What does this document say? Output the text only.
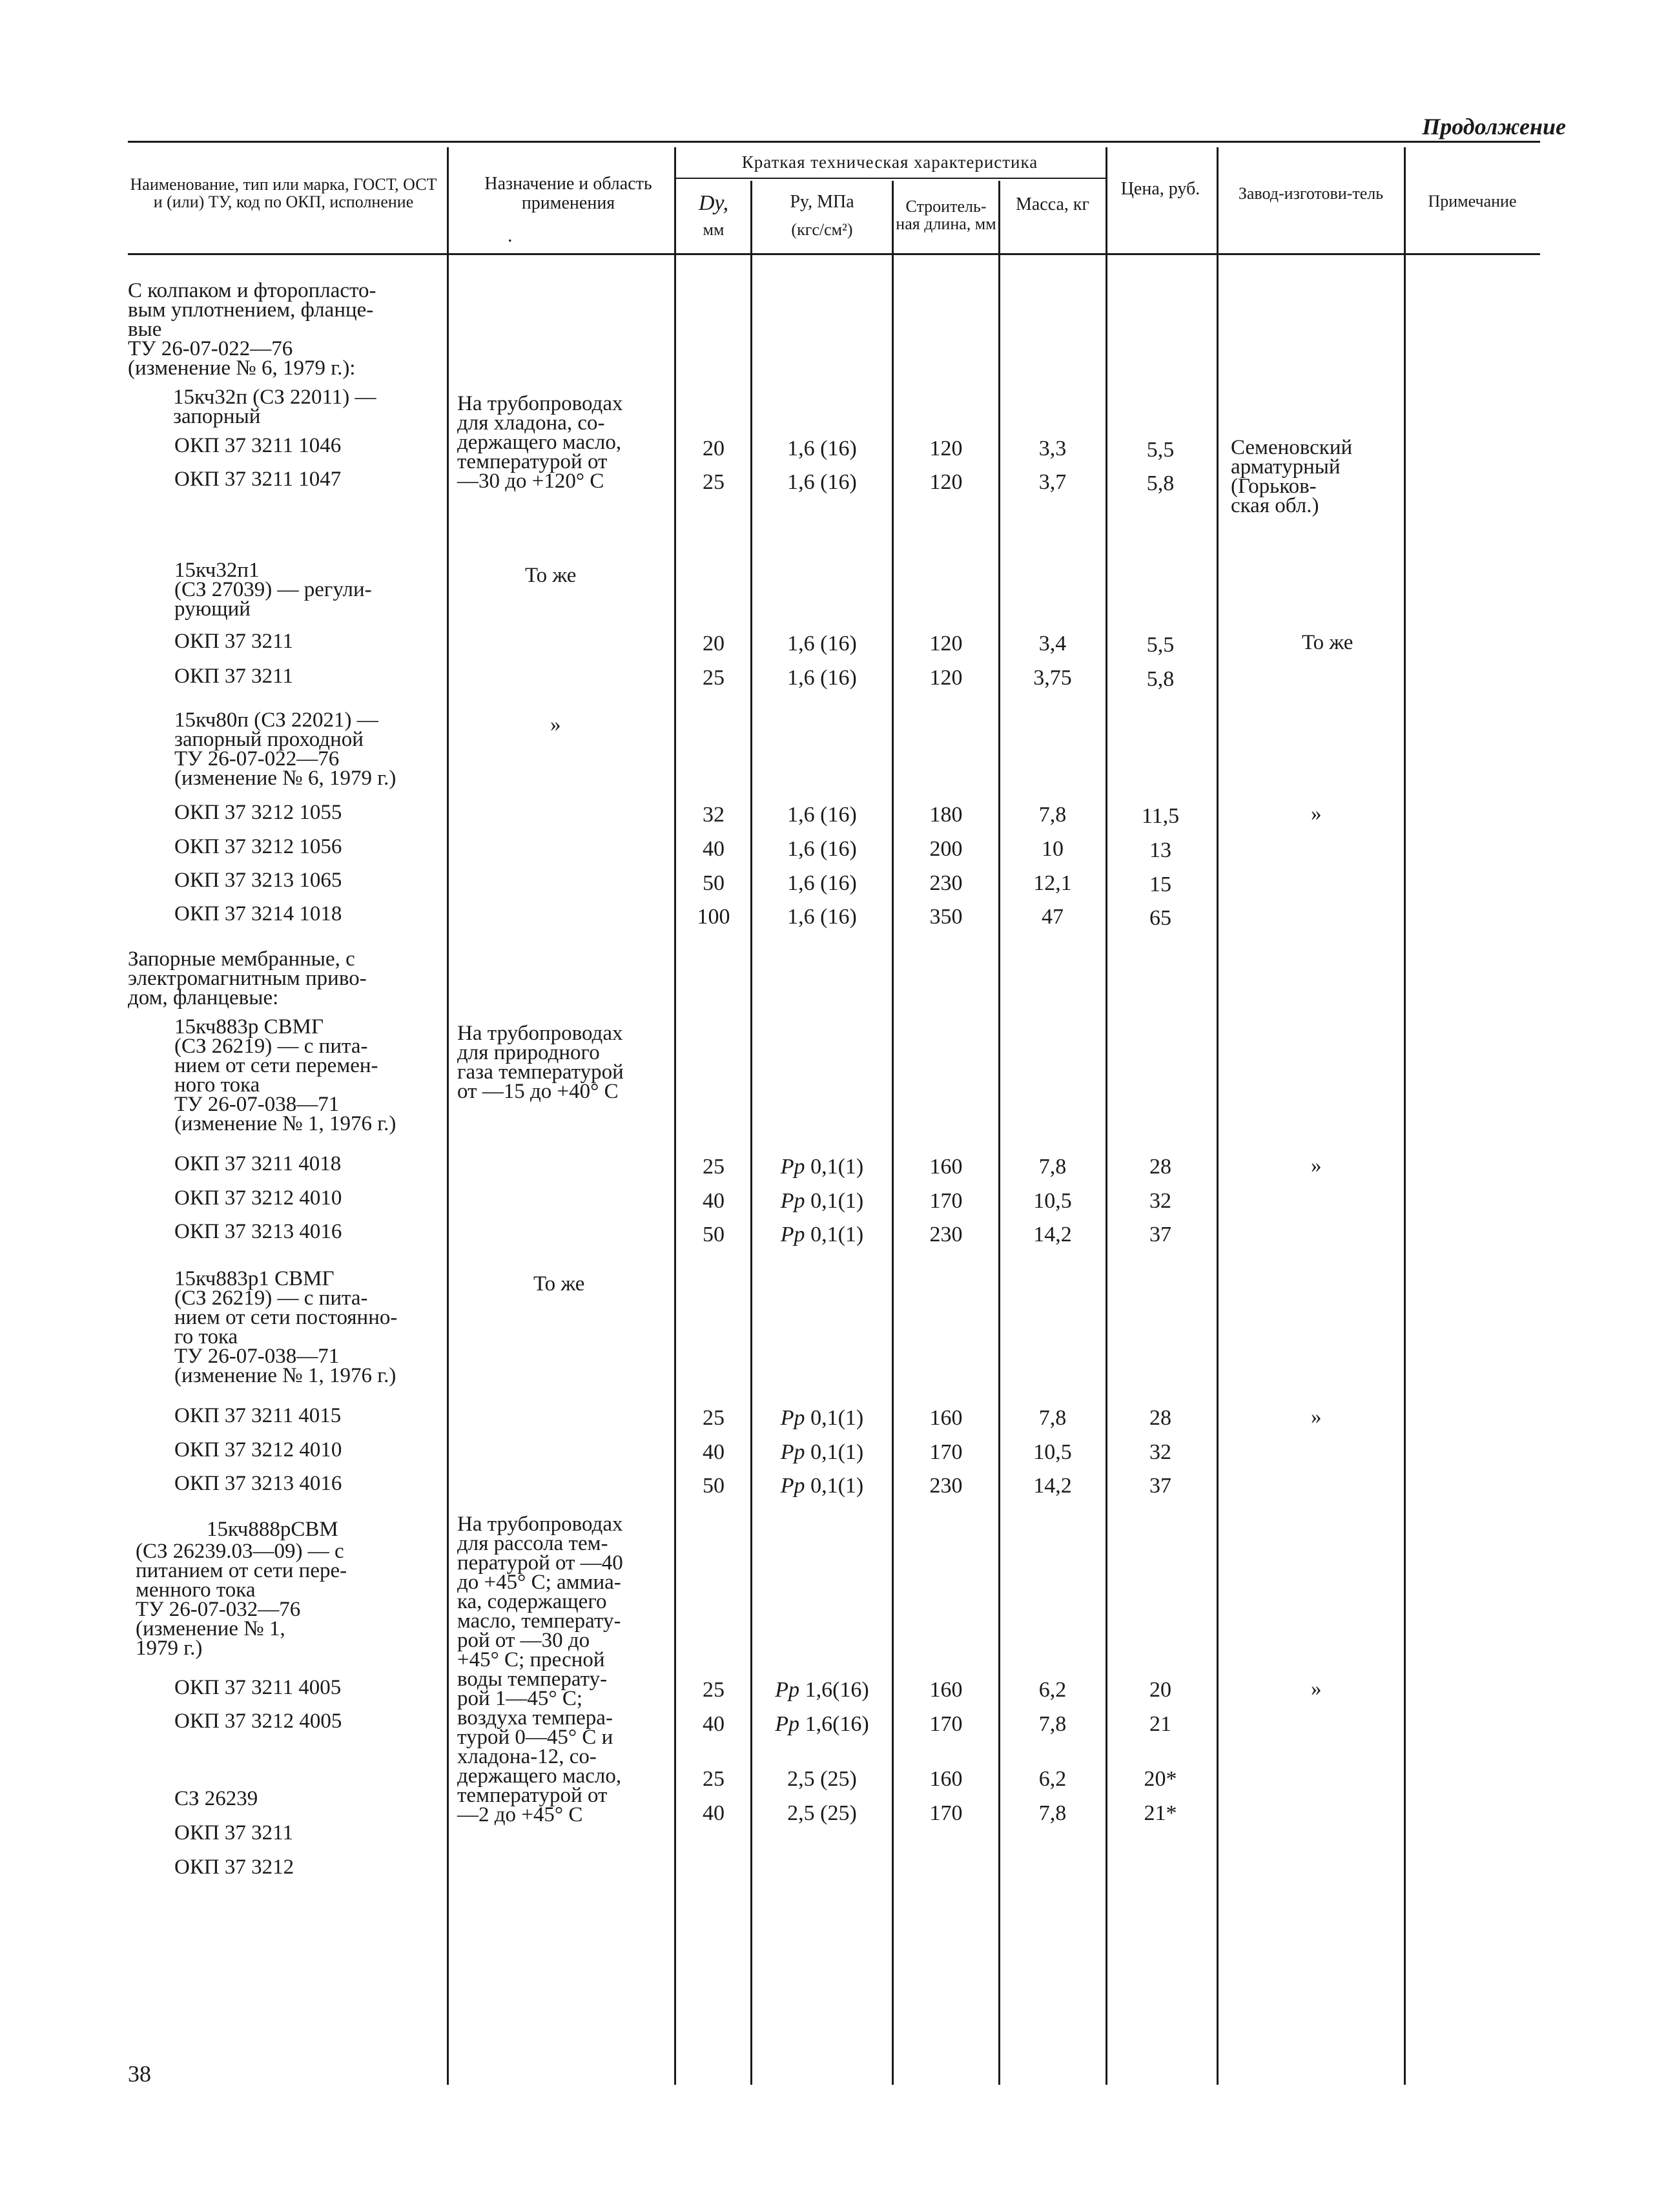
Продолжение
38
Наименование, тип или марка, ГОСТ, ОСТ и (или) ТУ, код по ОКП, исполнение
Назначение и область применения
.
Краткая техническая характеристика
Dy,
мм
Py, МПа
(кгс/см²)
Строитель-ная длина, мм
Масса, кг
Цена, руб.	Завод-изготови-тель	Примечание
С колпаком и фторопласто-
вым уплотнением, фланце-
вые
ТУ 26-07-022—76
(изменение № 6, 1979 г.):
15кч32п (СЗ 22011) —
запорный
ОКП 37 3211 1046
ОКП 37 3211 1047
15кч32п1
(СЗ 27039) — регули-
рующий
ОКП 37 3211
ОКП 37 3211
15кч80п (СЗ 22021) —
запорный проходной
ТУ 26-07-022—76
(изменение № 6, 1979 г.)
ОКП 37 3212 1055
ОКП 37 3212 1056
ОКП 37 3213 1065
ОКП 37 3214 1018
Запорные мембранные, с
электромагнитным приво-
дом, фланцевые:
15кч883р СВМГ
(СЗ 26219) — с пита-
нием от сети перемен-
ного тока
ТУ 26-07-038—71
(изменение № 1, 1976 г.)
ОКП 37 3211 4018
ОКП 37 3212 4010
ОКП 37 3213 4016
15кч883р1 СВМГ
(СЗ 26219) — с пита-
нием от сети постоянно-
го тока
ТУ 26-07-038—71
(изменение № 1, 1976 г.)
ОКП 37 3211 4015
ОКП 37 3212 4010
ОКП 37 3213 4016
15кч888рСВМ
(СЗ 26239.03—09) — с
питанием от сети пере-
менного тока
ТУ 26-07-032—76
(изменение № 1,
1979 г.)
ОКП 37 3211 4005
ОКП 37 3212 4005
СЗ 26239
ОКП 37 3211
ОКП 37 3212
На трубопроводах
для хладона, со-
держащего масло,
температурой от
—30 до +120° С
То же
»
На трубопроводах
для природного
газа температурой
от —15 до +40° С
То же
На трубопроводах
для рассола тем-
пературой от —40
до +45° С; аммиа-
ка, содержащего
масло, температу-
рой от —30 до
+45° С; пресной
воды температу-
рой 1—45° С;
воздуха темпера-
турой 0—45° С и
хладона-12, со-
держащего масло,
температурой от
—2 до +45° С
20
25
20
25
32
40
50
100
25
40
50
25
40
50
25
40
25
40
1,6 (16)
1,6 (16)
1,6 (16)
1,6 (16)
1,6 (16)
1,6 (16)
1,6 (16)
1,6 (16)
Pp 0,1(1)
Pp 0,1(1)
Pp 0,1(1)
Pp 0,1(1)
Pp 0,1(1)
Pp 0,1(1)
Pp 1,6(16)
Pp 1,6(16)
2,5 (25)
2,5 (25)
120
120
120
120
180
200
230
350
160
170
230
160
170
230
160
170
160
170
3,3
3,7
3,4
3,75
7,8
10
12,1
47
7,8
10,5
14,2
7,8
10,5
14,2
6,2
7,8
6,2
7,8
5,5
5,8
5,5
5,8
11,5
13
15
65
28
32
37
28
32
37
20
21
20*
21*
Семеновский
арматурный
(Горьков-
ская обл.)
То же
»
»
»
»
